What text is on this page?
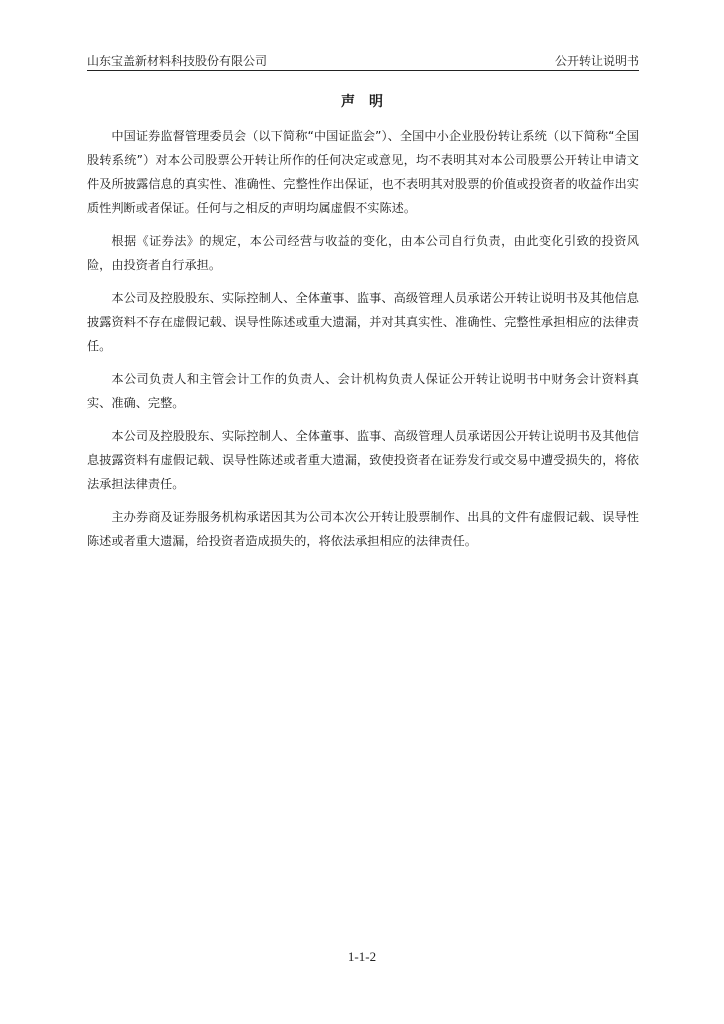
山东宝盖新材料科技股份有限公司	公开转让说明书
声明

中国证券监督管理委员会（以下简称“中国证监会”）、全国中小企业股份转让系统（以下简称“全国股转系统”）对本公司股票公开转让所作的任何决定或意见，均不表明其对本公司股票公开转让申请文件及所披露信息的真实性、准确性、完整性作出保证，也不表明其对股票的价值或投资者的收益作出实质性判断或者保证。任何与之相反的声明均属虚假不实陈述。

根据《证券法》的规定，本公司经营与收益的变化，由本公司自行负责，由此变化引致的投资风险，由投资者自行承担。

本公司及控股股东、实际控制人、全体董事、监事、高级管理人员承诺公开转让说明书及其他信息披露资料不存在虚假记载、误导性陈述或重大遗漏，并对其真实性、准确性、完整性承担相应的法律责任。

本公司负责人和主管会计工作的负责人、会计机构负责人保证公开转让说明书中财务会计资料真实、准确、完整。

本公司及控股股东、实际控制人、全体董事、监事、高级管理人员承诺因公开转让说明书及其他信息披露资料有虚假记载、误导性陈述或者重大遗漏，致使投资者在证券发行或交易中遭受损失的，将依法承担法律责任。

主办券商及证券服务机构承诺因其为公司本次公开转让股票制作、出具的文件有虚假记载、误导性陈述或者重大遗漏，给投资者造成损失的，将依法承担相应的法律责任。

1-1-2
